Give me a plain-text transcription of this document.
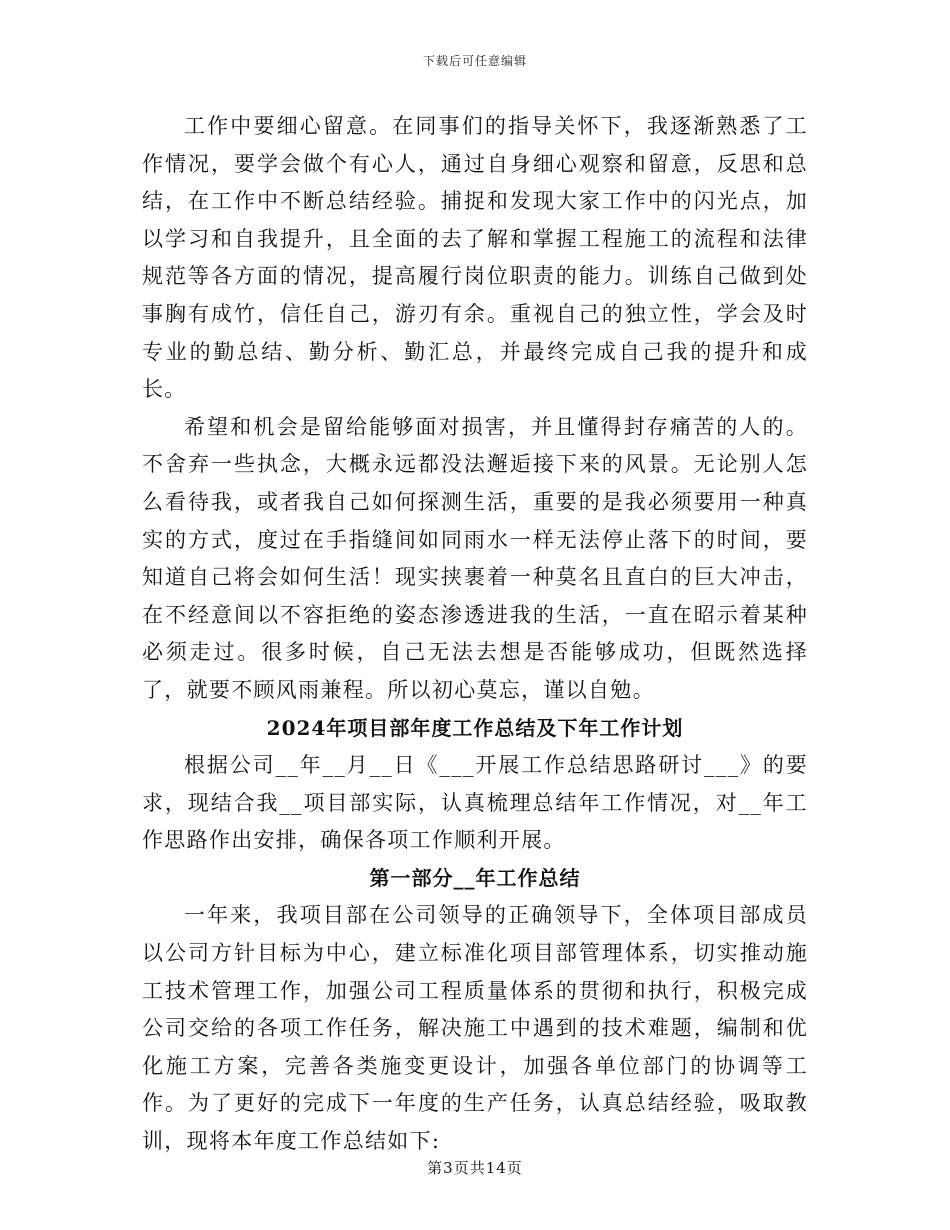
下载后可任意编辑

工作中要细心留意。在同事们的指导关怀下，我逐渐熟悉了工作情况，要学会做个有心人，通过自身细心观察和留意，反思和总结，在工作中不断总结经验。捕捉和发现大家工作中的闪光点，加以学习和自我提升，且全面的去了解和掌握工程施工的流程和法律规范等各方面的情况，提高履行岗位职责的能力。训练自己做到处事胸有成竹，信任自己，游刃有余。重视自己的独立性，学会及时专业的勤总结、勤分析、勤汇总，并最终完成自己我的提升和成长。

希望和机会是留给能够面对损害，并且懂得封存痛苦的人的。不舍弃一些执念，大概永远都没法邂逅接下来的风景。无论别人怎么看待我，或者我自己如何探测生活，重要的是我必须要用一种真实的方式，度过在手指缝间如同雨水一样无法停止落下的时间，要知道自己将会如何生活！现实挟裹着一种莫名且直白的巨大冲击，在不经意间以不容拒绝的姿态渗透进我的生活，一直在昭示着某种必须走过。很多时候，自己无法去想是否能够成功，但既然选择了，就要不顾风雨兼程。所以初心莫忘，谨以自勉。

2024年项目部年度工作总结及下年工作计划

根据公司__年__月__日《___开展工作总结思路研讨___》的要求，现结合我__项目部实际，认真梳理总结年工作情况，对__年工作思路作出安排，确保各项工作顺利开展。

第一部分__年工作总结

一年来，我项目部在公司领导的正确领导下，全体项目部成员以公司方针目标为中心，建立标准化项目部管理体系，切实推动施工技术管理工作，加强公司工程质量体系的贯彻和执行，积极完成公司交给的各项工作任务，解决施工中遇到的技术难题，编制和优化施工方案，完善各类施变更设计，加强各单位部门的协调等工作。为了更好的完成下一年度的生产任务，认真总结经验，吸取教训，现将本年度工作总结如下:

第3页共14页
